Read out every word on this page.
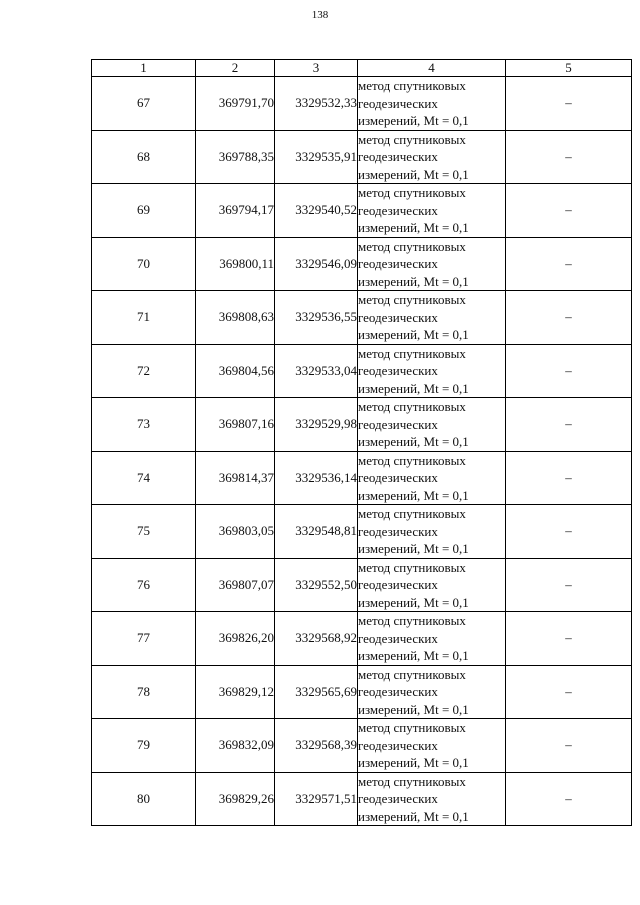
138
1	2	3	4	5
67	369791,70	3329532,33	метод спутниковых
геодезических
измерений, Mt = 0,1	–
68	369788,35	3329535,91	метод спутниковых
геодезических
измерений, Mt = 0,1	–
69	369794,17	3329540,52	метод спутниковых
геодезических
измерений, Mt = 0,1	–
70	369800,11	3329546,09	метод спутниковых
геодезических
измерений, Mt = 0,1	–
71	369808,63	3329536,55	метод спутниковых
геодезических
измерений, Mt = 0,1	–
72	369804,56	3329533,04	метод спутниковых
геодезических
измерений, Mt = 0,1	–
73	369807,16	3329529,98	метод спутниковых
геодезических
измерений, Mt = 0,1	–
74	369814,37	3329536,14	метод спутниковых
геодезических
измерений, Mt = 0,1	–
75	369803,05	3329548,81	метод спутниковых
геодезических
измерений, Mt = 0,1	–
76	369807,07	3329552,50	метод спутниковых
геодезических
измерений, Mt = 0,1	–
77	369826,20	3329568,92	метод спутниковых
геодезических
измерений, Mt = 0,1	–
78	369829,12	3329565,69	метод спутниковых
геодезических
измерений, Mt = 0,1	–
79	369832,09	3329568,39	метод спутниковых
геодезических
измерений, Mt = 0,1	–
80	369829,26	3329571,51	метод спутниковых
геодезических
измерений, Mt = 0,1	–
